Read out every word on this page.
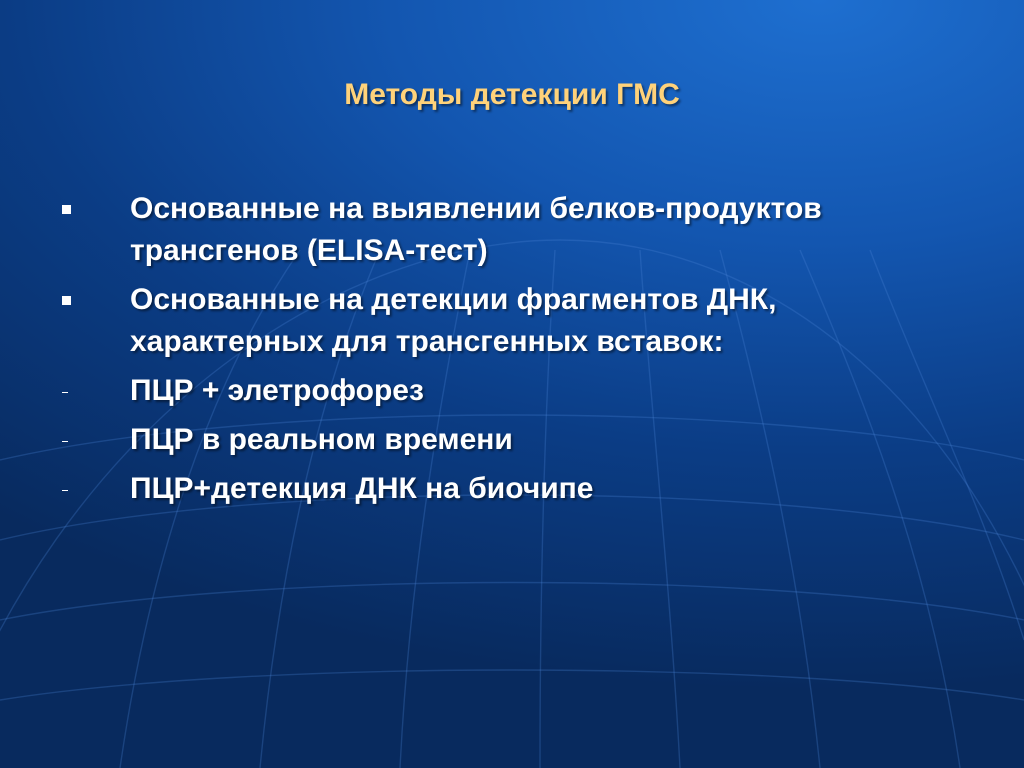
Методы детекции ГМС
Основанные на выявлении белков-продуктов трансгенов (ELISA-тест)
Основанные на детекции фрагментов ДНК, характерных для трансгенных вставок:
ПЦР + элетрофорез
ПЦР в реальном времени
ПЦР+детекция ДНК на биочипе
